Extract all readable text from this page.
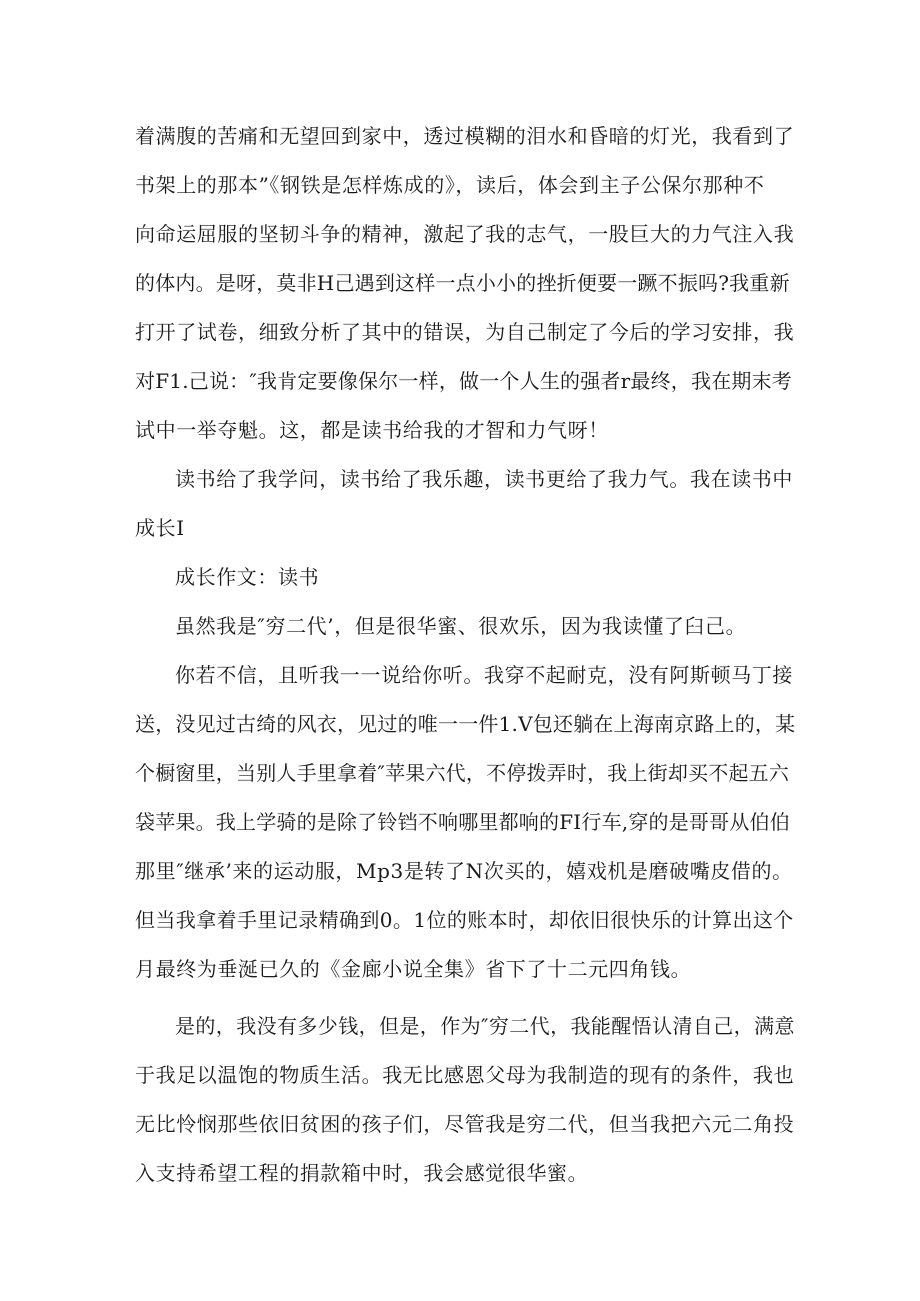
着满腹的苦痛和无望回到家中，透过模糊的泪水和昏暗的灯光，我看到了
书架上的那本”《钢铁是怎样炼成的》，读后，体会到主子公保尔那种不
向命运屈服的坚韧斗争的精神，激起了我的志气，一股巨大的力气注入我
的体内。是呀，莫非H己遇到这样一点小小的挫折便要一蹶不振吗?我重新
打开了试卷，细致分析了其中的错误，为自己制定了今后的学习安排，我
对F1.己说：″我肯定要像保尔一样，做一个人生的强者r最终，我在期末考
试中一举夺魁。这，都是读书给我的才智和力气呀！
读书给了我学问，读书给了我乐趣，读书更给了我力气。我在读书中
成长I
成长作文：读书
虽然我是″穷二代’，但是很华蜜、很欢乐，因为我读懂了臼己。
你若不信，且听我一一说给你听。我穿不起耐克，没有阿斯顿马丁接
送，没见过古绮的风衣，见过的唯一一件1.V包还躺在上海南京路上的，某
个橱窗里，当别人手里拿着″苹果六代，不停拨弄时，我上街却买不起五六
袋苹果。我上学骑的是除了铃铛不响哪里都响的FI行车,穿的是哥哥从伯伯
那里″继承’来的运动服，Mp3是转了N次买的，嬉戏机是磨破嘴皮借的。
但当我拿着手里记录精确到0。1位的账本时，却依旧很快乐的计算出这个
月最终为垂涎已久的《金廊小说全集》省下了十二元四角钱。
是的，我没有多少钱，但是，作为″穷二代，我能醒悟认清自己，满意
于我足以温饱的物质生活。我无比感恩父母为我制造的现有的条件，我也
无比怜悯那些依旧贫困的孩子们，尽管我是穷二代，但当我把六元二角投
入支持希望工程的捐款箱中时，我会感觉很华蜜。
